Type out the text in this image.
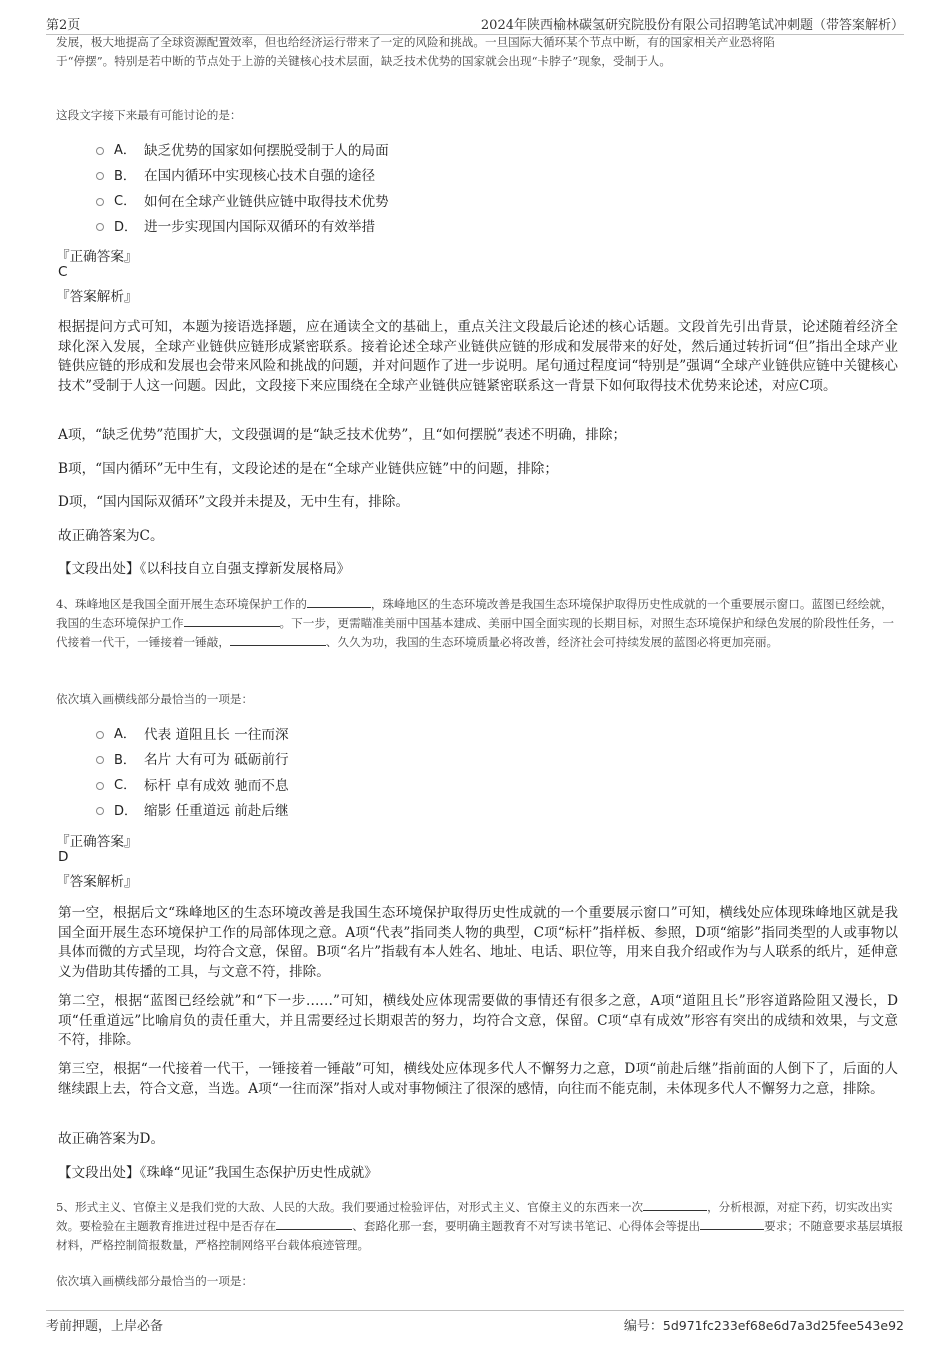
第2页	2024年陕西榆林碳氢研究院股份有限公司招聘笔试冲刺题（带答案解析）
发展，极大地提高了全球资源配置效率，但也给经济运行带来了一定的风险和挑战。一旦国际大循环某个节点中断，有的国家相关产业恐将陷
于“停摆”。特别是若中断的节点处于上游的关键核心技术层面，缺乏技术优势的国家就会出现“卡脖子”现象，受制于人。
这段文字接下来最有可能讨论的是：
A． 缺乏优势的国家如何摆脱受制于人的局面
B． 在国内循环中实现核心技术自强的途径
C． 如何在全球产业链供应链中取得技术优势
D． 进一步实现国内国际双循环的有效举措
『正确答案』
C
『答案解析』
根据提问方式可知，本题为接语选择题，应在通读全文的基础上，重点关注文段最后论述的核心话题。文段首先引出背景，论述随着经济全球化深入发展，全球产业链供应链形成紧密联系。接着论述全球产业链供应链的形成和发展带来的好处，然后通过转折词“但”指出全球产业链供应链的形成和发展也会带来风险和挑战的问题，并对问题作了进一步说明。尾句通过程度词“特别是”强调“全球产业链供应链中关键核心技术”受制于人这一问题。因此，文段接下来应围绕在全球产业链供应链紧密联系这一背景下如何取得技术优势来论述，对应C项。
A项，“缺乏优势”范围扩大，文段强调的是“缺乏技术优势”，且“如何摆脱”表述不明确，排除；
B项，“国内循环”无中生有，文段论述的是在“全球产业链供应链”中的问题，排除；
D项，“国内国际双循环”文段并未提及，无中生有，排除。
故正确答案为C。
【文段出处】《以科技自立自强支撑新发展格局》
4、珠峰地区是我国全面开展生态环境保护工作的	，珠峰地区的生态环境改善是我国生态环境保护取得历史性成就的一个重要展示窗口。蓝图已经绘就，我国的生态环境保护工作	。下一步，更需瞄准美丽中国基本建成、美丽中国全面实现的长期目标，对照生态环境保护和绿色发展的阶段性任务，一代接着一代干，一锤接着一锤敲，	、久久为功，我国的生态环境质量必将改善，经济社会可持续发展的蓝图必将更加亮丽。
依次填入画横线部分最恰当的一项是：
A． 代表 道阻且长 一往而深
B． 名片 大有可为 砥砺前行
C． 标杆 卓有成效 驰而不息
D． 缩影 任重道远 前赴后继
『正确答案』
D
『答案解析』
第一空，根据后文“珠峰地区的生态环境改善是我国生态环境保护取得历史性成就的一个重要展示窗口”可知，横线处应体现珠峰地区就是我国全面开展生态环境保护工作的局部体现之意。A项“代表”指同类人物的典型，C项“标杆”指样板、参照，D项“缩影”指同类型的人或事物以具体而微的方式呈现，均符合文意，保留。B项“名片”指载有本人姓名、地址、电话、职位等，用来自我介绍或作为与人联系的纸片，延伸意义为借助其传播的工具，与文意不符，排除。
第二空，根据“蓝图已经绘就”和“下一步……”可知，横线处应体现需要做的事情还有很多之意，A项“道阻且长”形容道路险阻又漫长，D项“任重道远”比喻肩负的责任重大，并且需要经过长期艰苦的努力，均符合文意，保留。C项“卓有成效”形容有突出的成绩和效果，与文意不符，排除。
第三空，根据“一代接着一代干，一锤接着一锤敲”可知，横线处应体现多代人不懈努力之意，D项“前赴后继”指前面的人倒下了，后面的人继续跟上去，符合文意，当选。A项“一往而深”指对人或对事物倾注了很深的感情，向往而不能克制，未体现多代人不懈努力之意，排除。
故正确答案为D。
【文段出处】《珠峰“见证”我国生态保护历史性成就》
5、形式主义、官僚主义是我们党的大敌、人民的大敌。我们要通过检验评估，对形式主义、官僚主义的东西来一次	，分析根源，对症下药，切实改出实效。要检验在主题教育推进过程中是否存在	、套路化那一套，要明确主题教育不对写读书笔记、心得体会等提出	要求；不随意要求基层填报材料，严格控制简报数量，严格控制网络平台载体痕迹管理。
依次填入画横线部分最恰当的一项是：
考前押题，上岸必备	编号：5d971fc233ef68e6d7a3d25fee543e92
